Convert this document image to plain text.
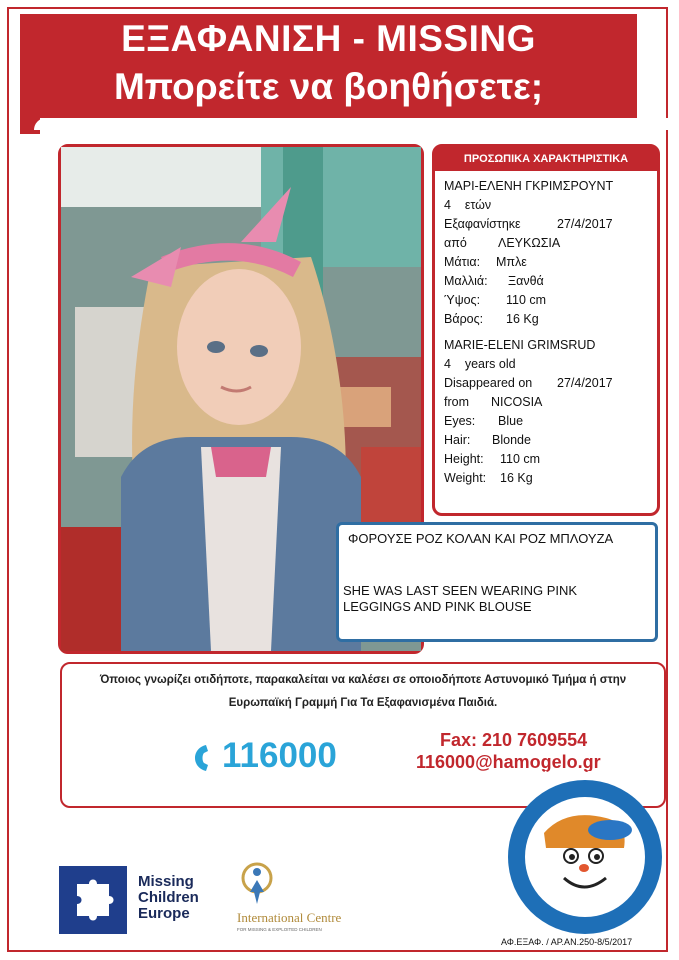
ΕΞΑΦΑΝΙΣΗ - MISSING
Μπορείτε να βοηθήσετε;
ΠΡΟΣΩΠΙΚΑ ΧΑΡΑΚΤΗΡΙΣΤΙΚΑ
ΜΑΡΙ-ΕΛΕΝΗ ΓΚΡΙΜΣΡΟΥΝΤ
4    ετών
Εξαφανίστηκε	27/4/2017
από ΛΕΥΚΩΣΙΑ
Μάτια: Μπλε
Μαλλιά: Ξανθά
Ύψος: 110 cm
Βάρος: 16 Kg
MARIE-ELENI GRIMSRUD
4    years old
Disappeared on 27/4/2017
from NICOSIA
Eyes: Blue
Hair: Blonde
Height: 110 cm
Weight: 16 Kg
ΦΟΡΟΥΣΕ ΡΟΖ ΚΟΛΑΝ ΚΑΙ ΡΟΖ ΜΠΛΟΥΖΑ
SHE WAS LAST SEEN WEARING PINK
LEGGINGS AND PINK BLOUSE
Όποιος γνωρίζει οτιδήποτε, παρακαλείται να καλέσει σε οποιοδήποτε Αστυνομικό Τμήμα ή στην
Ευρωπαϊκή Γραμμή Για Τα Εξαφανισμένα Παιδιά.
116000	Fax: 210 7609554
116000@hamogelo.gr
Missing
Children
Europe	International Centre
FOR MISSING & EXPLOITED CHILDREN
Το χαμόγελο του παιδιού
ΑΦ.ΕΞΑΦ. / ΑΡ.ΑΝ.250-8/5/2017
